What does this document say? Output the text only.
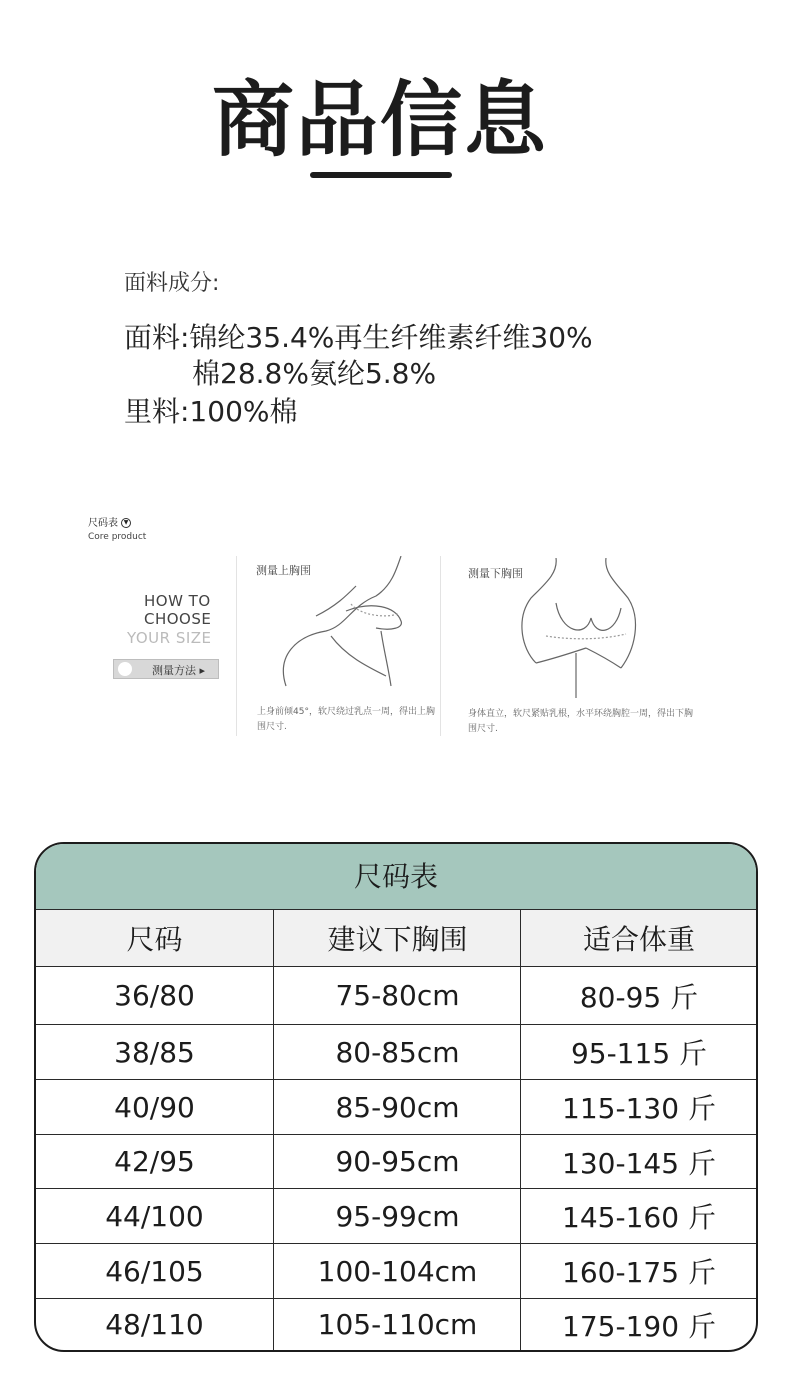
商品信息
面料成分:
面料:锦纶35.4%再生纤维素纤维30%
棉28.8%氨纶5.8%
里料:100%棉
尺码表 ▼
Core product
HOW TO
CHOOSE
YOUR SIZE
测量方法 ▸
测量上胸围	测量下胸围
上身前倾45°，软尺绕过乳点一周，得出上胸围尺寸.
身体直立，软尺紧贴乳根，水平环绕胸腔一周，得出下胸围尺寸.
尺码表
尺码	建议下胸围	适合体重
36/80	75-80cm	80-95 斤
38/85	80-85cm	95-115 斤
40/90	85-90cm	115-130 斤
42/95	90-95cm	130-145 斤
44/100	95-99cm	145-160 斤
46/105	100-104cm	160-175 斤
48/110	105-110cm	175-190 斤
